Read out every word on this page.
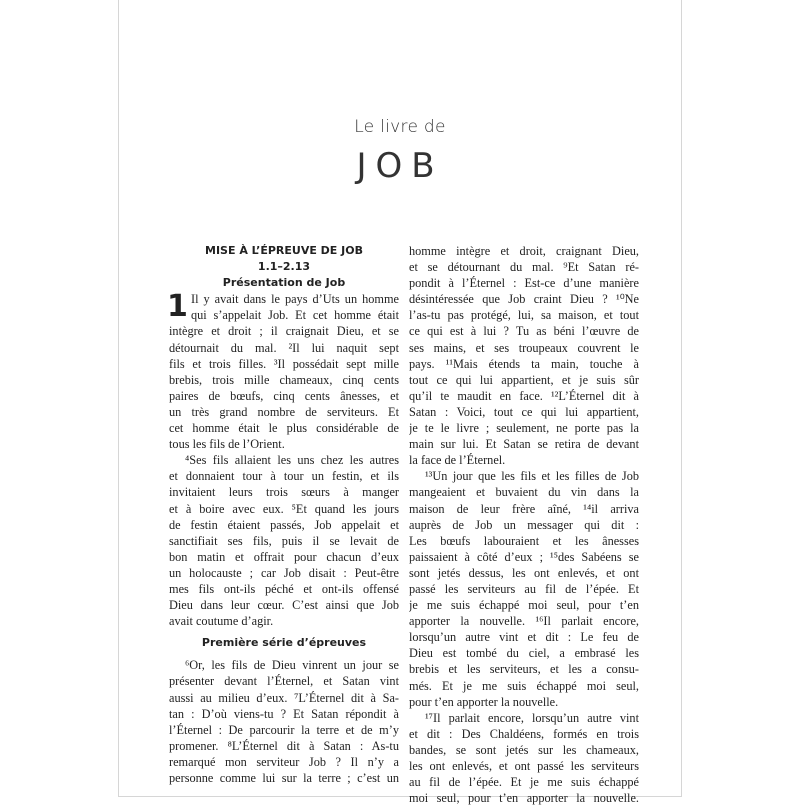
Le livre de
JOB
MISE À L’ÉPREUVE DE JOB
1.1–2.13
Présentation de Job
1 Il y avait dans le pays d’Uts un homme
qui s’appelait Job. Et cet homme était
intègre et droit ; il craignait Dieu, et se
détournait du mal. ²Il lui naquit sept
fils et trois filles. ³Il possédait sept mille
brebis, trois mille chameaux, cinq cents
paires de bœufs, cinq cents ânesses, et
un très grand nombre de serviteurs. Et
cet homme était le plus considérable de
tous les fils de l’Orient.
⁴Ses fils allaient les uns chez les autres
et donnaient tour à tour un festin, et ils
invitaient leurs trois sœurs à manger
et à boire avec eux. ⁵Et quand les jours
de festin étaient passés, Job appelait et
sanctifiait ses fils, puis il se levait de
bon matin et offrait pour chacun d’eux
un holocauste ; car Job disait : Peut-être
mes fils ont-ils péché et ont-ils offensé
Dieu dans leur cœur. C’est ainsi que Job
avait coutume d’agir.
Première série d’épreuves
⁶Or, les fils de Dieu vinrent un jour se
présenter devant l’Éternel, et Satan vint
aussi au milieu d’eux. ⁷L’Éternel dit à Sa-
tan : D’où viens-tu ? Et Satan répondit à
l’Éternel : De parcourir la terre et de m’y
promener. ⁸L’Éternel dit à Satan : As-tu
remarqué mon serviteur Job ? Il n’y a
personne comme lui sur la terre ; c’est un
homme intègre et droit, craignant Dieu,
et se détournant du mal. ⁹Et Satan ré-
pondit à l’Éternel : Est-ce d’une manière
désintéressée que Job craint Dieu ? ¹⁰Ne
l’as-tu pas protégé, lui, sa maison, et tout
ce qui est à lui ? Tu as béni l’œuvre de
ses mains, et ses troupeaux couvrent le
pays. ¹¹Mais étends ta main, touche à
tout ce qui lui appartient, et je suis sûr
qu’il te maudit en face. ¹²L’Éternel dit à
Satan : Voici, tout ce qui lui appartient,
je te le livre ; seulement, ne porte pas la
main sur lui. Et Satan se retira de devant
la face de l’Éternel.
¹³Un jour que les fils et les filles de Job
mangeaient et buvaient du vin dans la
maison de leur frère aîné, ¹⁴il arriva
auprès de Job un messager qui dit :
Les bœufs labouraient et les ânesses
paissaient à côté d’eux ; ¹⁵des Sabéens se
sont jetés dessus, les ont enlevés, et ont
passé les serviteurs au fil de l’épée. Et
je me suis échappé moi seul, pour t’en
apporter la nouvelle. ¹⁶Il parlait encore,
lorsqu’un autre vint et dit : Le feu de
Dieu est tombé du ciel, a embrasé les
brebis et les serviteurs, et les a consu-
més. Et je me suis échappé moi seul,
pour t’en apporter la nouvelle.
¹⁷Il parlait encore, lorsqu’un autre vint
et dit : Des Chaldéens, formés en trois
bandes, se sont jetés sur les chameaux,
les ont enlevés, et ont passé les serviteurs
au fil de l’épée. Et je me suis échappé
moi seul, pour t’en apporter la nouvelle.
